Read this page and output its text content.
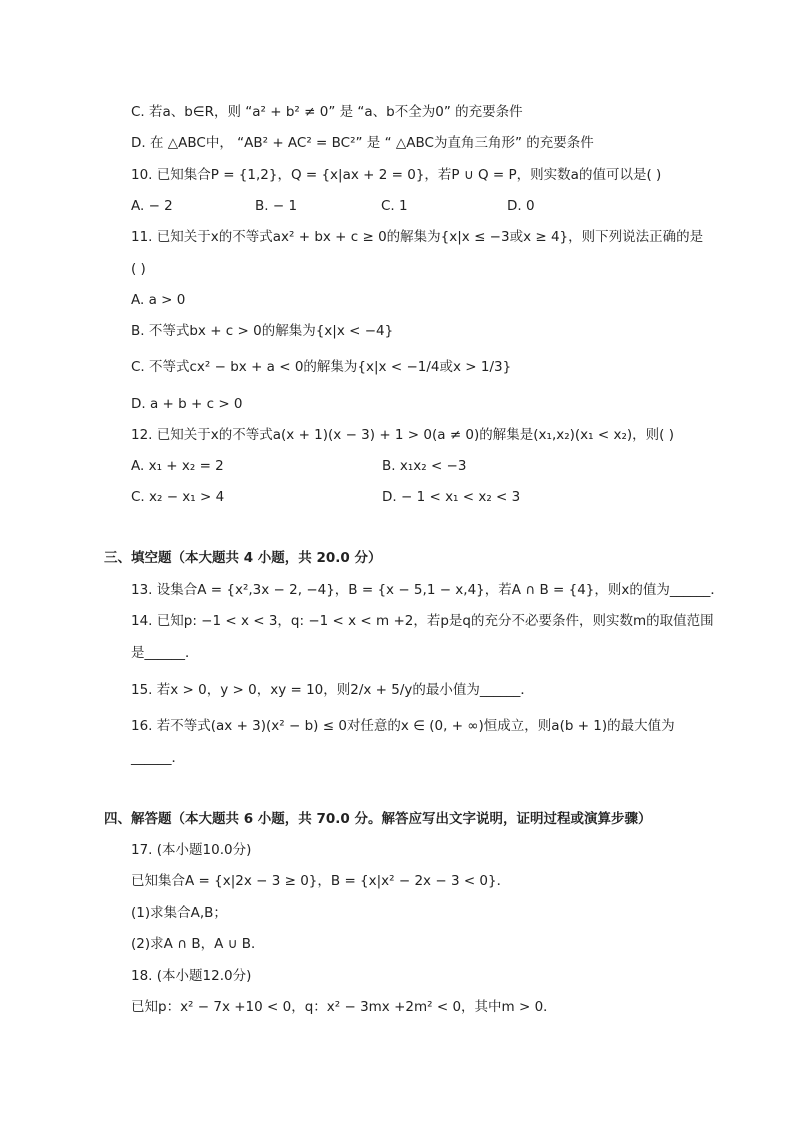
C. 若a、b∈R，则 “a² + b² ≠ 0” 是 “a、b不全为0” 的充要条件
D. 在 △ABC中， “AB² + AC² = BC²” 是 “ △ABC为直角三角形” 的充要条件
10. 已知集合P = {1,2}，Q = {x|ax + 2 = 0}，若P ∪ Q = P，则实数a的值可以是( )
A. − 2	B. − 1	C. 1	D. 0
11. 已知关于x的不等式ax² + bx + c ≥ 0的解集为{x|x ≤ −3或x ≥ 4}，则下列说法正确的是
( )
A. a > 0
B. 不等式bx + c > 0的解集为{x|x < −4}
C. 不等式cx² − bx + a < 0的解集为{x|x < −1/4或x > 1/3}
D. a + b + c > 0
12. 已知关于x的不等式a(x + 1)(x − 3) + 1 > 0(a ≠ 0)的解集是(x₁,x₂)(x₁ < x₂)，则( )
A. x₁ + x₂ = 2	B. x₁x₂ < −3
C. x₂ − x₁ > 4	D. − 1 < x₁ < x₂ < 3
三、填空题（本大题共 4 小题，共 20.0 分）
13. 设集合A = {x²,3x − 2, −4}，B = {x − 5,1 − x,4}，若A ∩ B = {4}，则x的值为______．
14. 已知p: −1 < x < 3，q: −1 < x < m +2，若p是q的充分不必要条件，则实数m的取值范围
是______．
15. 若x > 0，y > 0，xy = 10，则2/x + 5/y的最小值为______．
16. 若不等式(ax + 3)(x² − b) ≤ 0对任意的x ∈ (0, + ∞)恒成立，则a(b + 1)的最大值为
______．
四、解答题（本大题共 6 小题，共 70.0 分。解答应写出文字说明，证明过程或演算步骤）
17. (本小题10.0分)
已知集合A = {x|2x − 3 ≥ 0}，B = {x|x² − 2x − 3 < 0}．
(1)求集合A,B；
(2)求A ∩ B，A ∪ B．
18. (本小题12.0分)
已知p：x² − 7x +10 < 0，q：x² − 3mx +2m² < 0，其中m > 0．
